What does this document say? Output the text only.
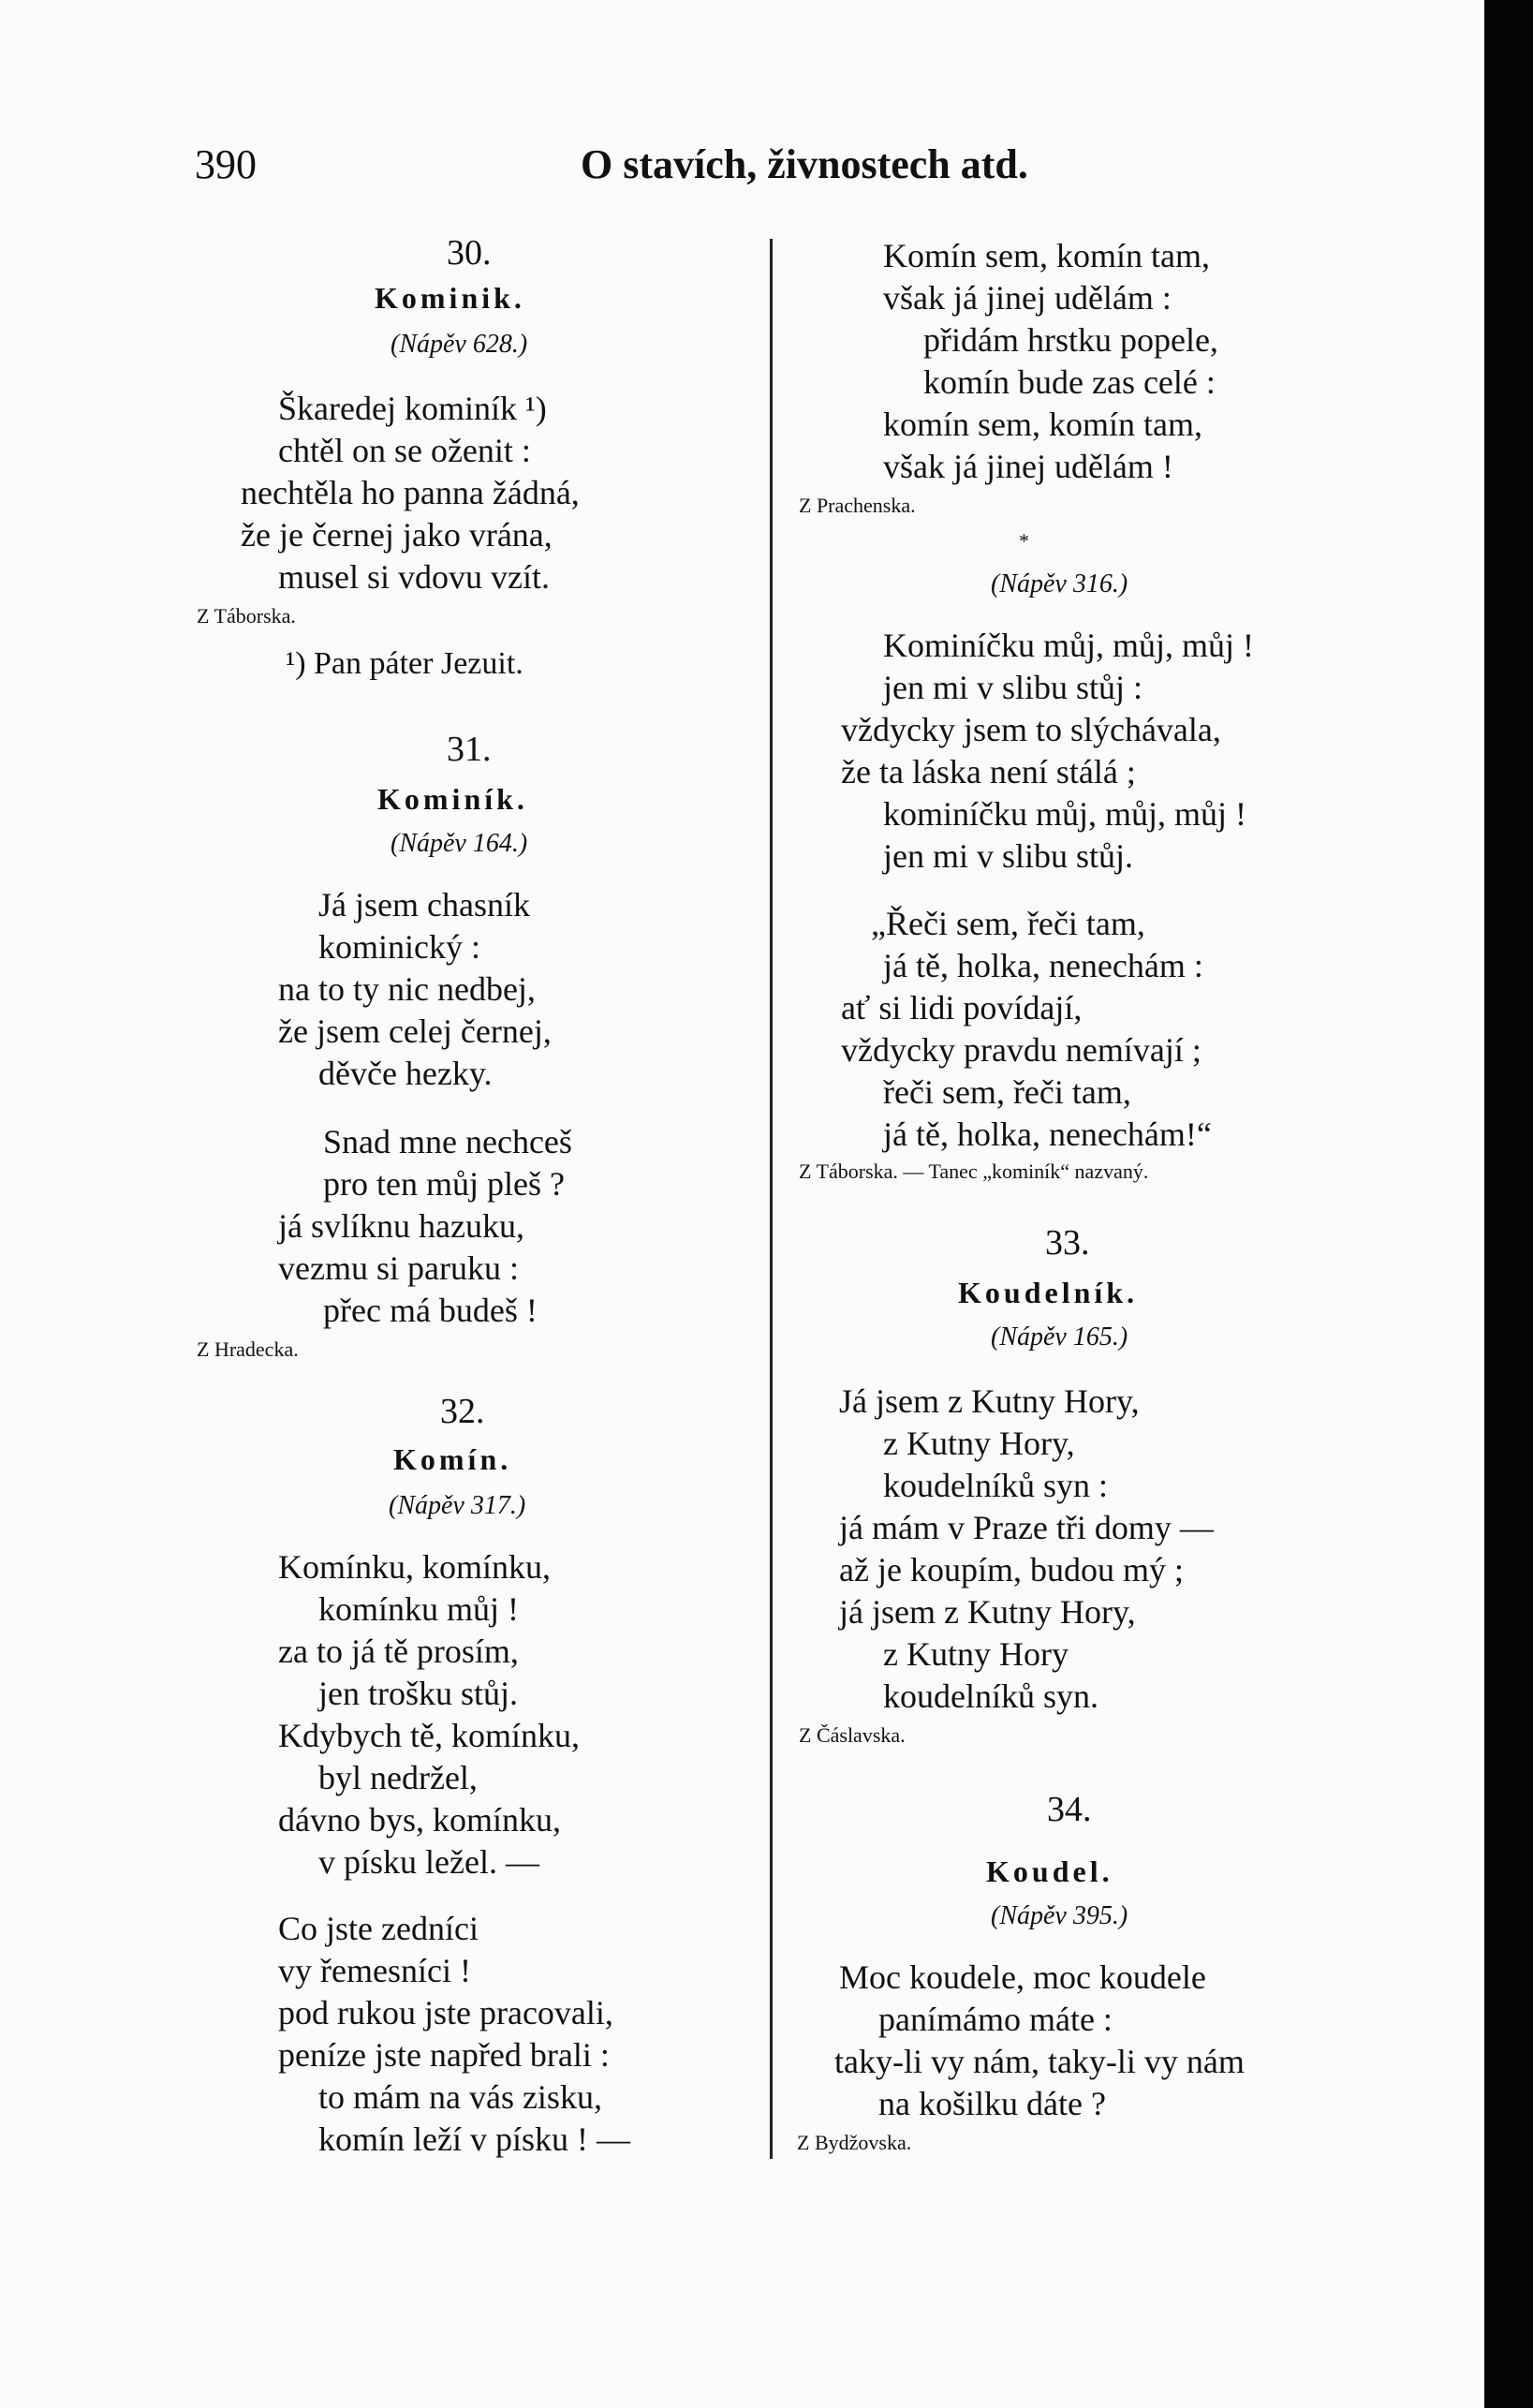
390	O stavích, živnostech atd.
30.
Kominik.
(Nápěv 628.)
Škaredej kominík ¹)
chtěl on se oženit :
nechtěla ho panna žádná,
že je černej jako vrána,
musel si vdovu vzít.
Z Táborska.
¹) Pan páter Jezuit.
31.
Kominík.
(Nápěv 164.)
Já jsem chasník
kominický :
na to ty nic nedbej,
že jsem celej černej,
děvče hezky.
Snad mne nechceš
pro ten můj pleš ?
já svlíknu hazuku,
vezmu si paruku :
přec má budeš !
Z Hradecka.
32.
Komín.
(Nápěv 317.)
Komínku, komínku,
komínku můj !
za to já tě prosím,
jen trošku stůj.
Kdybych tě, komínku,
byl nedržel,
dávno bys, komínku,
v písku ležel. —
Co jste zedníci
vy řemesníci !
pod rukou jste pracovali,
peníze jste napřed brali :
to mám na vás zisku,
komín leží v písku ! —
Komín sem, komín tam,
však já jinej udělám :
přidám hrstku popele,
komín bude zas celé :
komín sem, komín tam,
však já jinej udělám !
Z Prachenska.
*
(Nápěv 316.)
Kominíčku můj, můj, můj !
jen mi v slibu stůj :
vždycky jsem to slýchávala,
že ta láska není stálá ;
kominíčku můj, můj, můj !
jen mi v slibu stůj.
„Řeči sem, řeči tam,
já tě, holka, nenechám :
ať si lidi povídají,
vždycky pravdu nemívají ;
řeči sem, řeči tam,
já tě, holka, nenechám!“
Z Táborska. — Tanec „kominík“ nazvaný.
33.
Koudelník.
(Nápěv 165.)
Já jsem z Kutny Hory,
z Kutny Hory,
koudelníků syn :
já mám v Praze tři domy —
až je koupím, budou mý ;
já jsem z Kutny Hory,
z Kutny Hory
koudelníků syn.
Z Čáslavska.
34.
Koudel.
(Nápěv 395.)
Moc koudele, moc koudele
panímámo máte :
taky-li vy nám, taky-li vy nám
na košilku dáte ?
Z Bydžovska.
